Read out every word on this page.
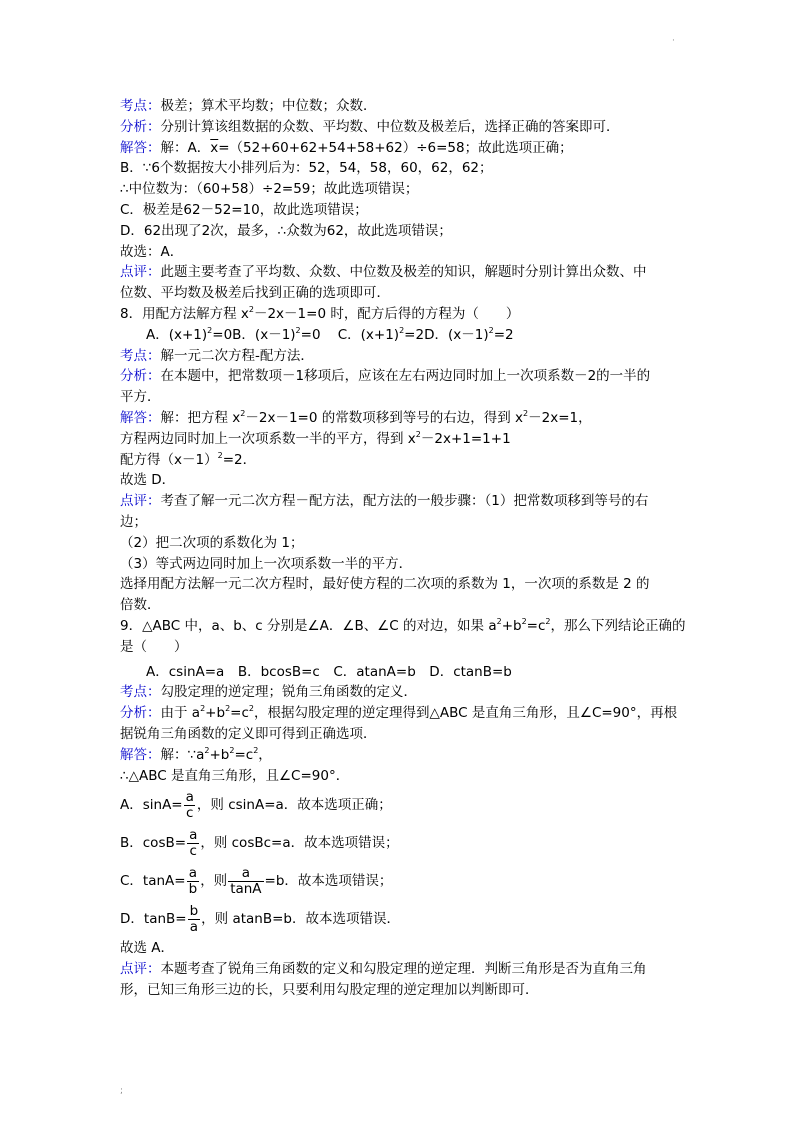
·
考点：极差；算术平均数；中位数；众数．
分析：分别计算该组数据的众数、平均数、中位数及极差后，选择正确的答案即可．
解答：解：A．$\overline{x}=(52+60+62+54+58+62)\div 6=58$；故此选项正确；
B．∵6个数据按大小排列后为：52，54，58，60，62，62；
∴中位数为：（60+58）÷2=59；故此选项错误；
C．极差是62－52=10，故此选项错误；
D．62出现了2次，最多，∴众数为62，故此选项错误；
故选：A．
点评：此题主要考查了平均数、众数、中位数及极差的知识，解题时分别计算出众数、中
位数、平均数及极差后找到正确的选项即可．
8．用配方法解方程 $x^2-2x-1=0$ 时，配方后得的方程为（　　）
A．$(x+1)^2=0B$．$(x-1)^2=0$ C．$(x+1)^2=2D$．$(x-1)^2=2$
考点：解一元二次方程-配方法．
分析：在本题中，把常数项－1移项后，应该在左右两边同时加上一次项系数－2的一半的
平方．
解答：解：把方程 $x^2-2x-1=0$ 的常数项移到等号的右边，得到 $x^2-2x=1$，
方程两边同时加上一次项系数一半的平方，得到 $x^2-2x+1=1+1$
配方得$(x-1)^2=2$．
故选 D．
点评：考查了解一元二次方程－配方法，配方法的一般步骤：（1）把常数项移到等号的右
边；
（2）把二次项的系数化为 1；
（3）等式两边同时加上一次项系数一半的平方．
选择用配方法解一元二次方程时，最好使方程的二次项的系数为 1，一次项的系数是 2 的
倍数．
9．△ABC 中，a、b、c 分别是∠A．∠B、∠C 的对边，如果 $a^2+b^2=c^2$，那么下列结论正确的
是（　　）
A．csinA=a　B．bcosB=c　C．atanA=b　D．ctanB=b
考点：勾股定理的逆定理；锐角三角函数的定义．
分析：由于 $a^2+b^2=c^2$，根据勾股定理的逆定理得到△ABC 是直角三角形，且∠C=90°，再根
据锐角三角函数的定义即可得到正确选项．
解答：解：$\because a^2+b^2=c^2$，
∴△ABC 是直角三角形，且∠C=90°．
A．$\sin A= \frac{a}{c}$ ，则 csinA=a．故本选项正确；
B．$\cos B= \frac{a}{c}$ ，则 cosBc=a．故本选项错误；
C．$\tan A= \frac{a}{b}$ ，则 $\frac{a}{\tan A} =b$．故本选项错误；
D．$\tan B= \frac{b}{a}$ ，则 atanB=b．故本选项错误．
故选 A．
点评：本题考查了锐角三角函数的定义和勾股定理的逆定理．判断三角形是否为直角三角
形，已知三角形三边的长，只要利用勾股定理的逆定理加以判断即可．
;
